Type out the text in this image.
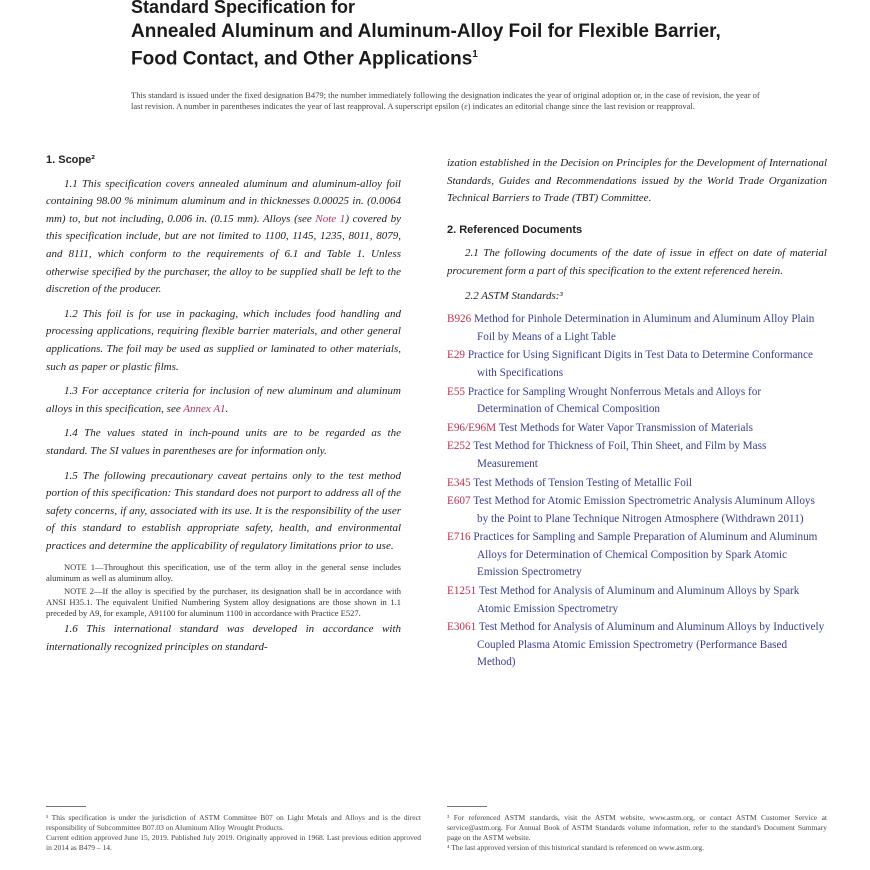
Standard Specification for
Annealed Aluminum and Aluminum-Alloy Foil for Flexible Barrier, Food Contact, and Other Applications$^1$
This standard is issued under the fixed designation B479; the number immediately following the designation indicates the year of original adoption or, in the case of revision, the year of last revision. A number in parentheses indicates the year of last reapproval. A superscript epsilon (ε) indicates an editorial change since the last revision or reapproval.
1. Scope²

1.1 This specification covers annealed aluminum and aluminum-alloy foil containing 98.00 % minimum aluminum and in thicknesses 0.00025 in. (0.0064 mm) to, but not including, 0.006 in. (0.15 mm). Alloys (see Note 1) covered by this specification include, but are not limited to 1100, 1145, 1235, 8011, 8079, and 8111, which conform to the requirements of 6.1 and Table 1. Unless otherwise specified by the purchaser, the alloy to be supplied shall be left to the discretion of the producer.

1.2 This foil is for use in packaging, which includes food handling and processing applications, requiring flexible barrier materials, and other general applications. The foil may be used as supplied or laminated to other materials, such as paper or plastic films.

1.3 For acceptance criteria for inclusion of new aluminum and aluminum alloys in this specification, see Annex A1.

1.4 The values stated in inch-pound units are to be regarded as the standard. The SI values in parentheses are for information only.

1.5 The following precautionary caveat pertains only to the test method portion of this specification: This standard does not purport to address all of the safety concerns, if any, associated with its use. It is the responsibility of the user of this standard to establish appropriate safety, health, and environmental practices and determine the applicability of regulatory limitations prior to use.

NOTE 1—Throughout this specification, use of the term alloy in the general sense includes aluminum as well as aluminum alloy.

NOTE 2—If the alloy is specified by the purchaser, its designation shall be in accordance with ANSI H35.1. The equivalent Unified Numbering System alloy designations are those shown in 1.1 preceded by A9, for example, A91100 for aluminum 1100 in accordance with Practice E527.

1.6 This international standard was developed in accordance with internationally recognized principles on standard-

ization established in the Decision on Principles for the Development of International Standards, Guides and Recommendations issued by the World Trade Organization Technical Barriers to Trade (TBT) Committee.

2. Referenced Documents

2.1 The following documents of the date of issue in effect on date of material procurement form a part of this specification to the extent referenced herein.

2.2 ASTM Standards:³
B926 Method for Pinhole Determination in Aluminum and Aluminum Alloy Plain Foil by Means of a Light Table
E29 Practice for Using Significant Digits in Test Data to Determine Conformance with Specifications
E55 Practice for Sampling Wrought Nonferrous Metals and Alloys for Determination of Chemical Composition
E96/E96M Test Methods for Water Vapor Transmission of Materials
E252 Test Method for Thickness of Foil, Thin Sheet, and Film by Mass Measurement
E345 Test Methods of Tension Testing of Metallic Foil
E607 Test Method for Atomic Emission Spectrometric Analysis Aluminum Alloys by the Point to Plane Technique Nitrogen Atmosphere (Withdrawn 2011)
E716 Practices for Sampling and Sample Preparation of Aluminum and Aluminum Alloys for Determination of Chemical Composition by Spark Atomic Emission Spectrometry
E1251 Test Method for Analysis of Aluminum and Aluminum Alloys by Spark Atomic Emission Spectrometry
E3061 Test Method for Analysis of Aluminum and Aluminum Alloys by Inductively Coupled Plasma Atomic Emission Spectrometry (Performance Based Method)
¹ This specification is under the jurisdiction of ASTM Committee B07 on Light Metals and Alloys and is the direct responsibility of Subcommittee B07.03 on Aluminum Alloy Wrought Products.
Current edition approved June 15, 2019. Published July 2019. Originally approved in 1968. Last previous edition approved in 2014 as B479 – 14.
³ For referenced ASTM standards, visit the ASTM website, www.astm.org, or contact ASTM Customer Service at service@astm.org. For Annual Book of ASTM Standards volume information, refer to the standard's Document Summary page on the ASTM website.
⁴ The last approved version of this historical standard is referenced on www.astm.org.
